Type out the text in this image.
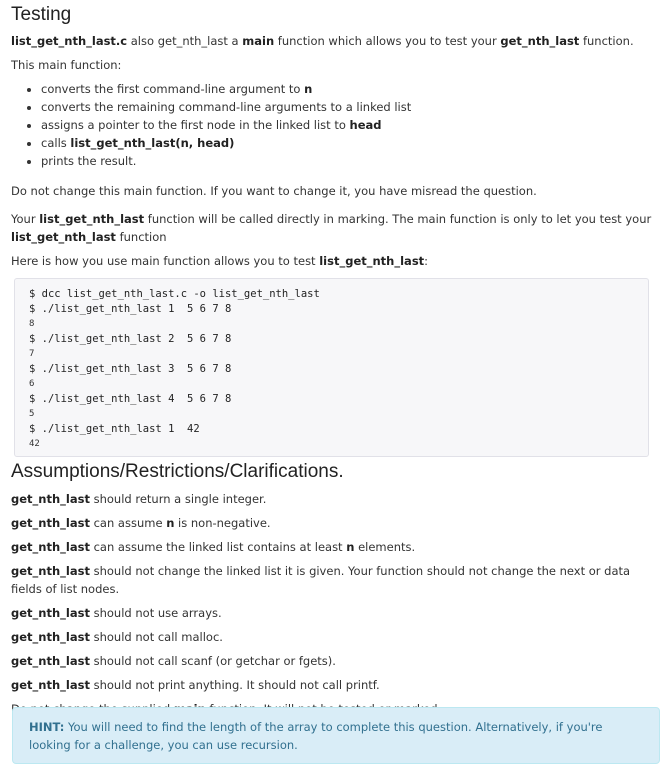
Testing

list_get_nth_last.c also get_nth_last a main function which allows you to test your get_nth_last function.

This main function:

• converts the first command-line argument to n
• converts the remaining command-line arguments to a linked list
• assigns a pointer to the first node in the linked list to head
• calls list_get_nth_last(n, head)
• prints the result.

Do not change this main function. If you want to change it, you have misread the question.

Your list_get_nth_last function will be called directly in marking. The main function is only to let you test your list_get_nth_last function

Here is how you use main function allows you to test list_get_nth_last:

$ dcc list_get_nth_last.c -o list_get_nth_last
$ ./list_get_nth_last 1  5 6 7 8
8
$ ./list_get_nth_last 2  5 6 7 8
7
$ ./list_get_nth_last 3  5 6 7 8
6
$ ./list_get_nth_last 4  5 6 7 8
5
$ ./list_get_nth_last 1  42
42
Assumptions/Restrictions/Clarifications.

get_nth_last should return a single integer.

get_nth_last can assume n is non-negative.

get_nth_last can assume the linked list contains at least n elements.

get_nth_last should not change the linked list it is given. Your function should not change the next or data fields of list nodes.

get_nth_last should not use arrays.

get_nth_last should not call malloc.

get_nth_last should not call scanf (or getchar or fgets).

get_nth_last should not print anything. It should not call printf.

HINT: You will need to find the length of the array to complete this question. Alternatively, if you're looking for a challenge, you can use recursion.
